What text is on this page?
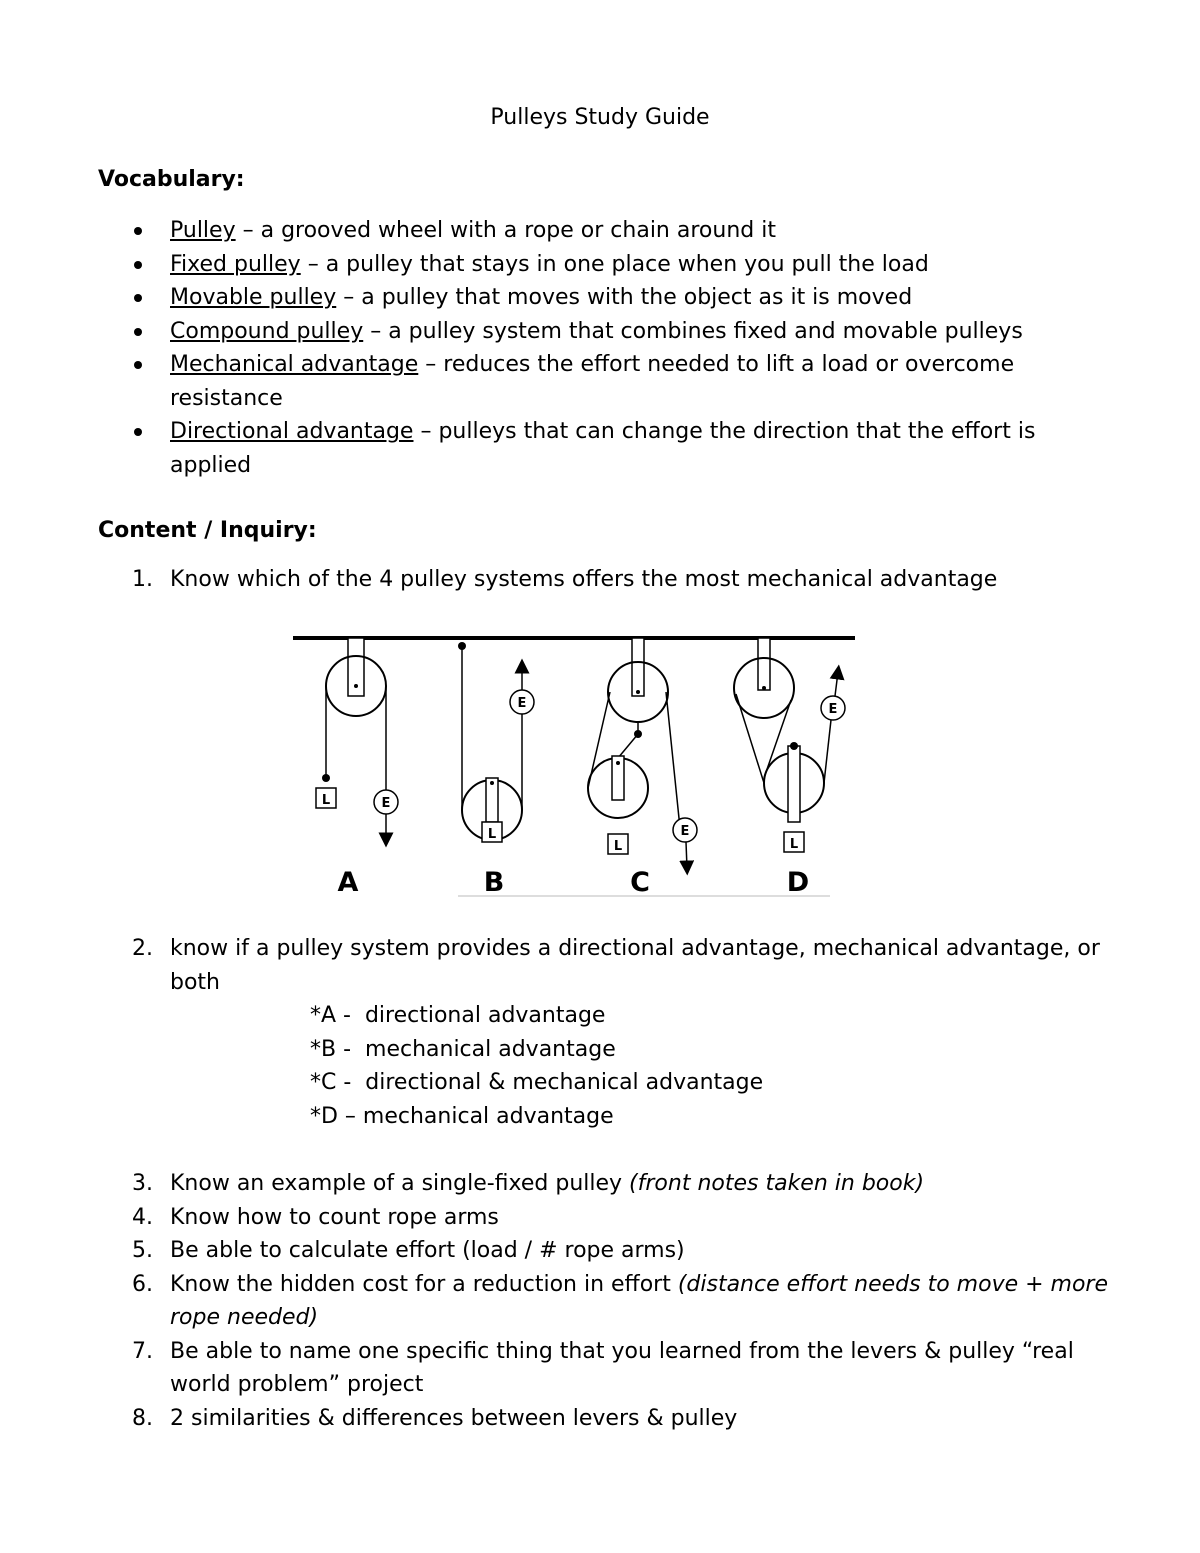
Pulleys Study Guide
Vocabulary:
Pulley – a grooved wheel with a rope or chain around it
Fixed pulley – a pulley that stays in one place when you pull the load
Movable pulley – a pulley that moves with the object as it is moved
Compound pulley – a pulley system that combines fixed and movable pulleys
Mechanical advantage – reduces the effort needed to lift a load or overcome resistance
Directional advantage – pulleys that can change the direction that the effort is applied
Content / Inquiry:
1. Know which of the 4 pulley systems offers the most mechanical advantage
L	E
A
E
L
B
L
E
C
E
L
D
2. know if a pulley system provides a directional advantage, mechanical advantage, or both
*A -  directional advantage
*B -  mechanical advantage
*C -  directional & mechanical advantage
*D – mechanical advantage
3. Know an example of a single-fixed pulley (front notes taken in book)
4. Know how to count rope arms
5. Be able to calculate effort (load / # rope arms)
6. Know the hidden cost for a reduction in effort (distance effort needs to move + more rope needed)
7. Be able to name one specific thing that you learned from the levers & pulley “real world problem” project
8. 2 similarities & differences between levers & pulley
